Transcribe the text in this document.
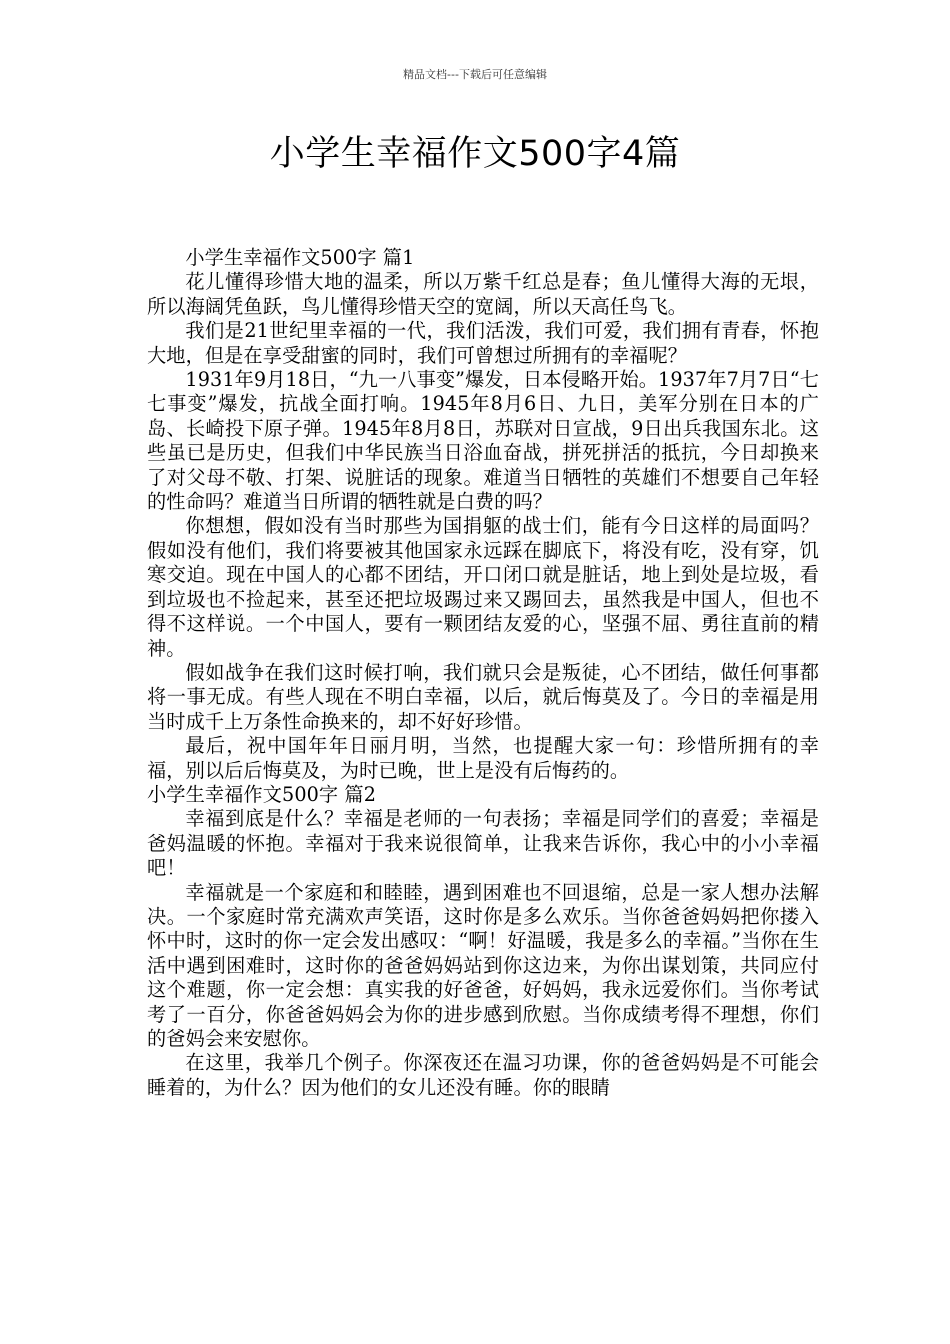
精品文档---下载后可任意编辑
小学生幸福作文500字4篇

小学生幸福作文500字 篇1

花儿懂得珍惜大地的温柔，所以万紫千红总是春；鱼儿懂得大海的无垠，所以海阔凭鱼跃，鸟儿懂得珍惜天空的宽阔，所以天高任鸟飞。

我们是21世纪里幸福的一代，我们活泼，我们可爱，我们拥有青春，怀抱大地，但是在享受甜蜜的同时，我们可曾想过所拥有的幸福呢？

1931年9月18日，“九一八事变”爆发，日本侵略开始。1937年7月7日“七七事变”爆发，抗战全面打响。1945年8月6日、九日，美军分别在日本的广岛、长崎投下原子弹。1945年8月8日，苏联对日宣战，9日出兵我国东北。这些虽已是历史，但我们中华民族当日浴血奋战，拼死拼活的抵抗，今日却换来了对父母不敬、打架、说脏话的现象。难道当日牺牲的英雄们不想要自己年轻的性命吗？难道当日所谓的牺牲就是白费的吗？

你想想，假如没有当时那些为国捐躯的战士们，能有今日这样的局面吗？假如没有他们，我们将要被其他国家永远踩在脚底下，将没有吃，没有穿，饥寒交迫。现在中国人的心都不团结，开口闭口就是脏话，地上到处是垃圾，看到垃圾也不捡起来，甚至还把垃圾踢过来又踢回去，虽然我是中国人，但也不得不这样说。一个中国人，要有一颗团结友爱的心，坚强不屈、勇往直前的精神。

假如战争在我们这时候打响，我们就只会是叛徒，心不团结，做任何事都将一事无成。有些人现在不明白幸福，以后，就后悔莫及了。今日的幸福是用当时成千上万条性命换来的，却不好好珍惜。

最后，祝中国年年日丽月明，当然，也提醒大家一句：珍惜所拥有的幸福，别以后后悔莫及，为时已晚，世上是没有后悔药的。

小学生幸福作文500字 篇2

幸福到底是什么？幸福是老师的一句表扬；幸福是同学们的喜爱；幸福是爸妈温暖的怀抱。幸福对于我来说很简单，让我来告诉你，我心中的小小幸福吧！

幸福就是一个家庭和和睦睦，遇到困难也不回退缩，总是一家人想办法解决。一个家庭时常充满欢声笑语，这时你是多么欢乐。当你爸爸妈妈把你搂入怀中时，这时的你一定会发出感叹：“啊！好温暖，我是多么的幸福。”当你在生活中遇到困难时，这时你的爸爸妈妈站到你这边来，为你出谋划策，共同应付这个难题，你一定会想：真实我的好爸爸，好妈妈，我永远爱你们。当你考试考了一百分，你爸爸妈妈会为你的进步感到欣慰。当你成绩考得不理想，你们的爸妈会来安慰你。

在这里，我举几个例子。你深夜还在温习功课，你的爸爸妈妈是不可能会睡着的，为什么？因为他们的女儿还没有睡。你的眼睛
